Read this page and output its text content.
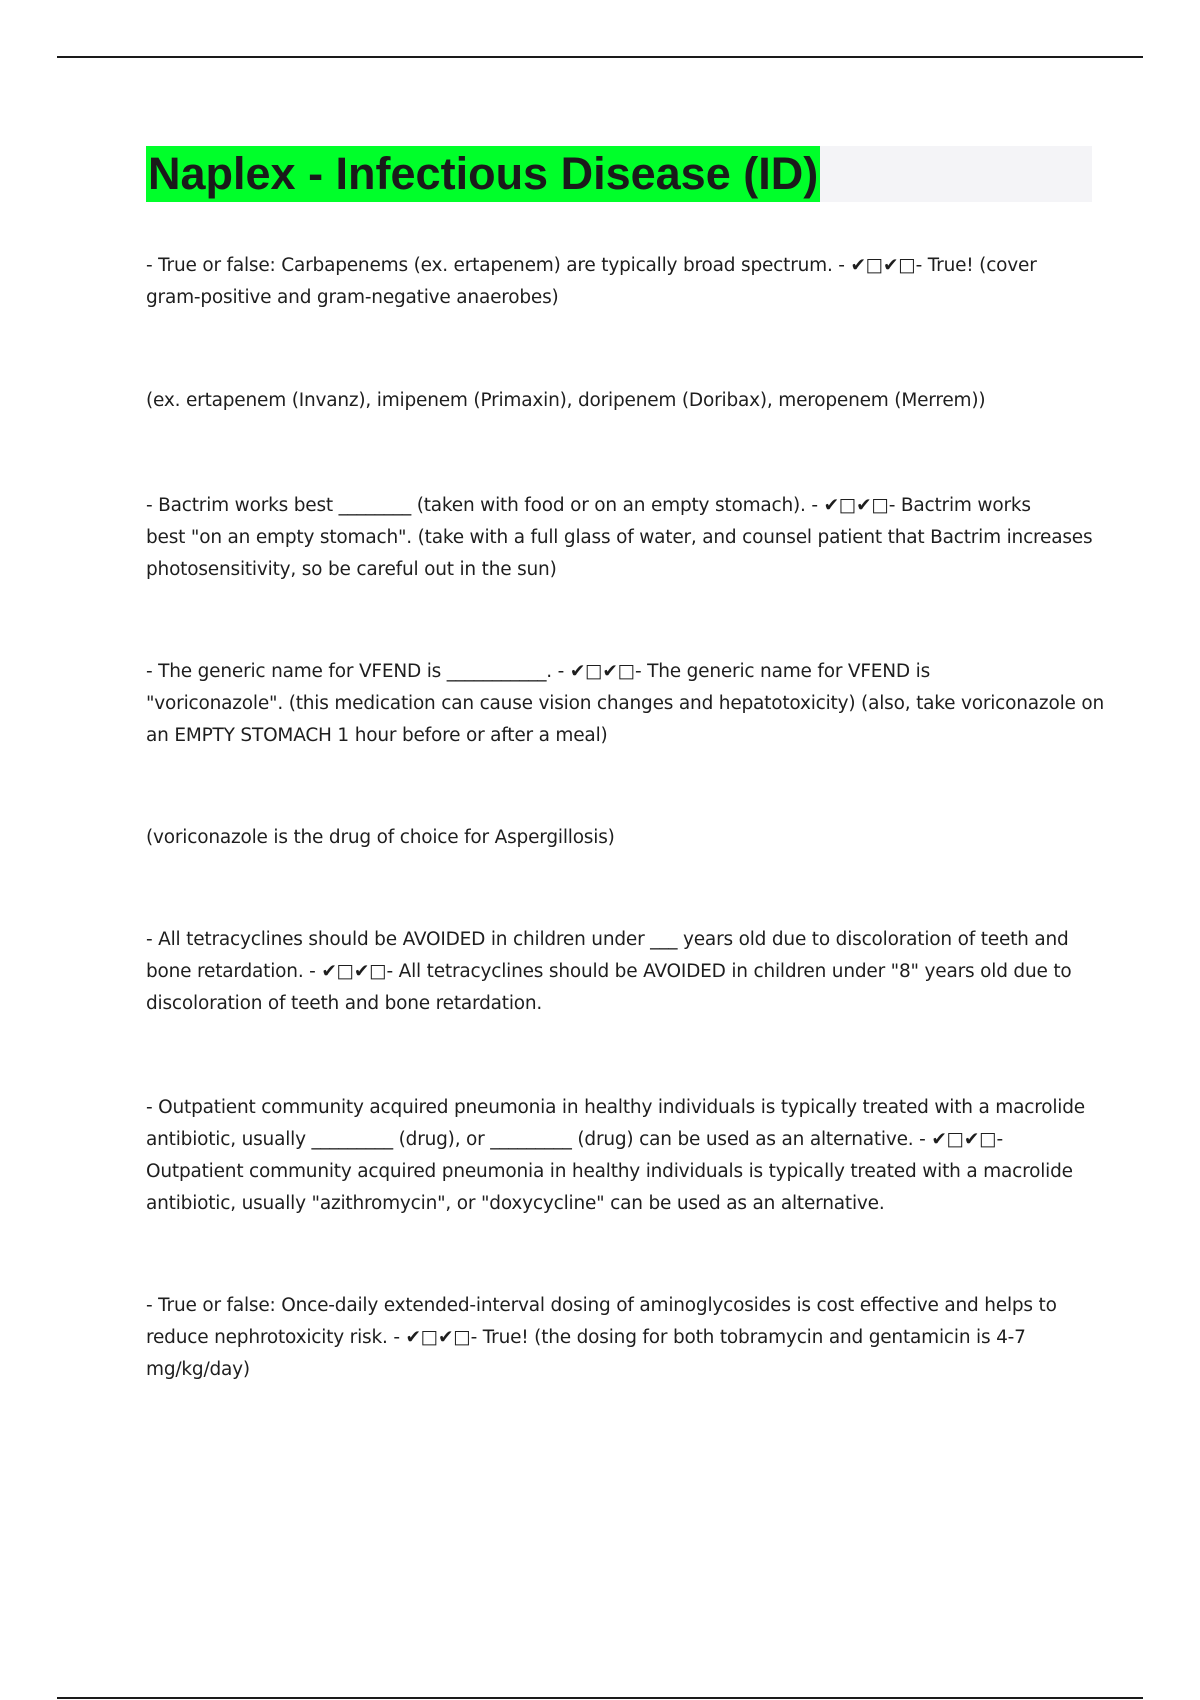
Naplex - Infectious Disease (ID)
- True or false: Carbapenems (ex. ertapenem) are typically broad spectrum. - ✔□✔□- True! (cover
gram-positive and gram-negative anaerobes)
(ex. ertapenem (Invanz), imipenem (Primaxin), doripenem (Doribax), meropenem (Merrem))
- Bactrim works best ________ (taken with food or on an empty stomach). - ✔□✔□- Bactrim works
best "on an empty stomach". (take with a full glass of water, and counsel patient that Bactrim increases
photosensitivity, so be careful out in the sun)
- The generic name for VFEND is ___________. - ✔□✔□- The generic name for VFEND is
"voriconazole". (this medication can cause vision changes and hepatotoxicity) (also, take voriconazole on
an EMPTY STOMACH 1 hour before or after a meal)
(voriconazole is the drug of choice for Aspergillosis)
- All tetracyclines should be AVOIDED in children under ___ years old due to discoloration of teeth and
bone retardation. - ✔□✔□- All tetracyclines should be AVOIDED in children under "8" years old due to
discoloration of teeth and bone retardation.
- Outpatient community acquired pneumonia in healthy individuals is typically treated with a macrolide
antibiotic, usually _________ (drug), or _________ (drug) can be used as an alternative. - ✔□✔□-
Outpatient community acquired pneumonia in healthy individuals is typically treated with a macrolide
antibiotic, usually "azithromycin", or "doxycycline" can be used as an alternative.
- True or false: Once-daily extended-interval dosing of aminoglycosides is cost effective and helps to
reduce nephrotoxicity risk. - ✔□✔□- True! (the dosing for both tobramycin and gentamicin is 4-7
mg/kg/day)
